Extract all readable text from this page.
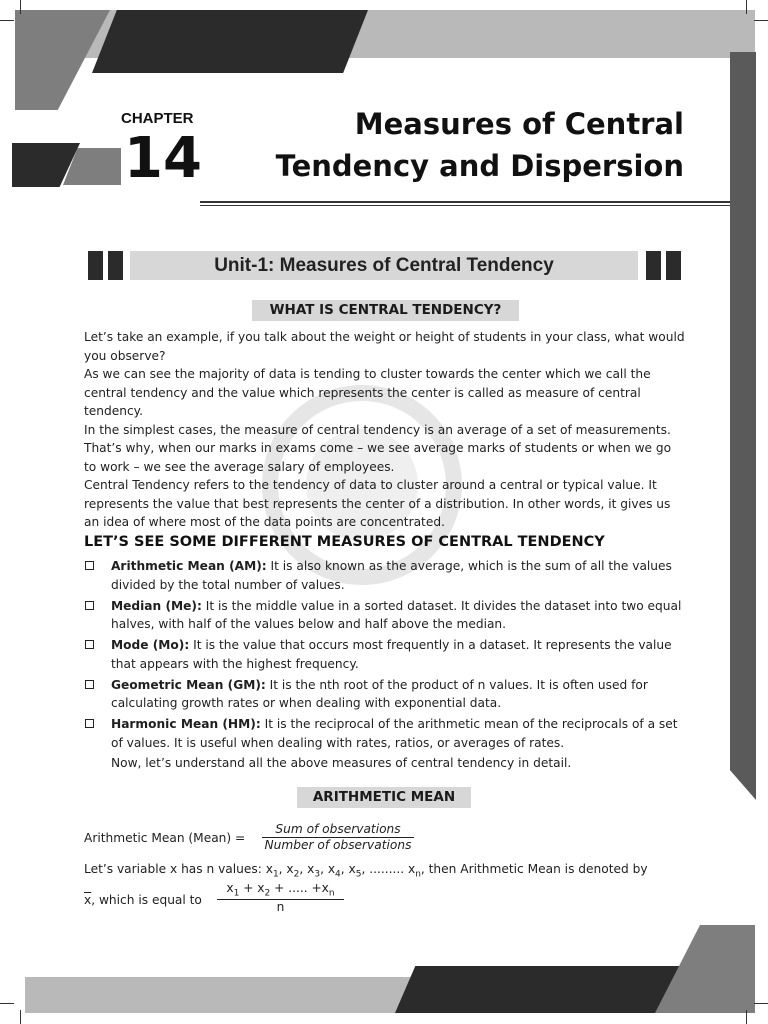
CHAPTER
14
Measures of Central
Tendency and Dispersion
Unit-1: Measures of Central Tendency
WHAT IS CENTRAL TENDENCY?

Let’s take an example, if you talk about the weight or height of students in your class, what would you observe?

As we can see the majority of data is tending to cluster towards the center which we call the central tendency and the value which represents the center is called as measure of central tendency.

In the simplest cases, the measure of central tendency is an average of a set of measurements. That’s why, when our marks in exams come – we see average marks of students or when we go to work – we see the average salary of employees.

Central Tendency refers to the tendency of data to cluster around a central or typical value. It represents the value that best represents the center of a distribution. In other words, it gives us an idea of where most of the data points are concentrated.

LET’S SEE SOME DIFFERENT MEASURES OF CENTRAL TENDENCY
Arithmetic Mean (AM): It is also known as the average, which is the sum of all the values divided by the total number of values.
Median (Me): It is the middle value in a sorted dataset. It divides the dataset into two equal halves, with half of the values below and half above the median.
Mode (Mo): It is the value that occurs most frequently in a dataset. It represents the value that appears with the highest frequency.
Geometric Mean (GM): It is the nth root of the product of n values. It is often used for calculating growth rates or when dealing with exponential data.
Harmonic Mean (HM): It is the reciprocal of the arithmetic mean of the reciprocals of a set of values. It is useful when dealing with rates, ratios, or averages of rates.
Now, let’s understand all the above measures of central tendency in detail.
ARITHMETIC MEAN
Arithmetic Mean (Mean) =
Sum of observations
Number of observations
Let’s variable x has n values: $x_1$, $x_2$, $x_3$, $x_4$, $x_5$, ......... $x_n$, then Arithmetic Mean is denoted by
$\overline{x}$, which is equal to $\frac{x_1 + x_2 + ..... +x_n}{n}$
